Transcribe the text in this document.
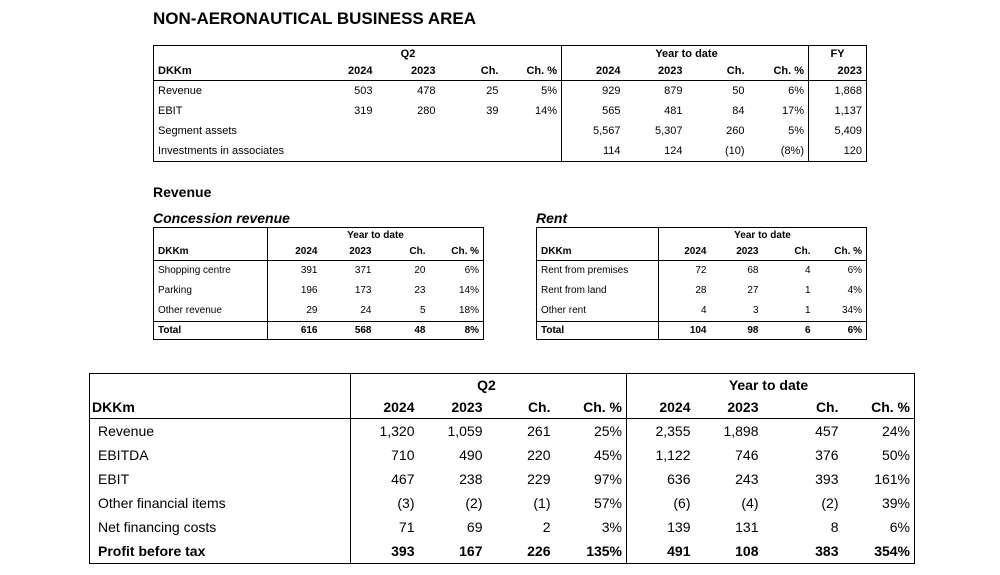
NON-AERONAUTICAL BUSINESS AREA
		Q2				Year to date			FY
DKKm	2024	2023	Ch.	Ch. %	2024	2023	Ch.	Ch. %	2023
Revenue	503	478	25	5%	929	879	50	6%	1,868
EBIT	319	280	39	14%	565	481	84	17%	1,137
Segment assets					5,567	5,307	260	5%	5,409
Investments in associates					114	124	(10)	(8%)	120
Revenue
Concession revenue	Rent
	Year to date			
DKKm	2024	2023	Ch.	Ch. %
Shopping centre	391	371	20	6%
Parking	196	173	23	14%
Other revenue	29	24	5	18%
Total	616	568	48	8%
	Year to date			
DKKm	2024	2023	Ch.	Ch. %
Rent from premises	72	68	4	6%
Rent from land	28	27	1	4%
Other rent	4	3	1	34%
Total	104	98	6	6%
		Q2				Year to date		
DKKm	2024	2023	Ch.	Ch. %	2024	2023	Ch.	Ch. %
Revenue	1,320	1,059	261	25%	2,355	1,898	457	24%
EBITDA	710	490	220	45%	1,122	746	376	50%
EBIT	467	238	229	97%	636	243	393	161%
Other financial items	(3)	(2)	(1)	57%	(6)	(4)	(2)	39%
Net financing costs	71	69	2	3%	139	131	8	6%
Profit before tax	393	167	226	135%	491	108	383	354%
